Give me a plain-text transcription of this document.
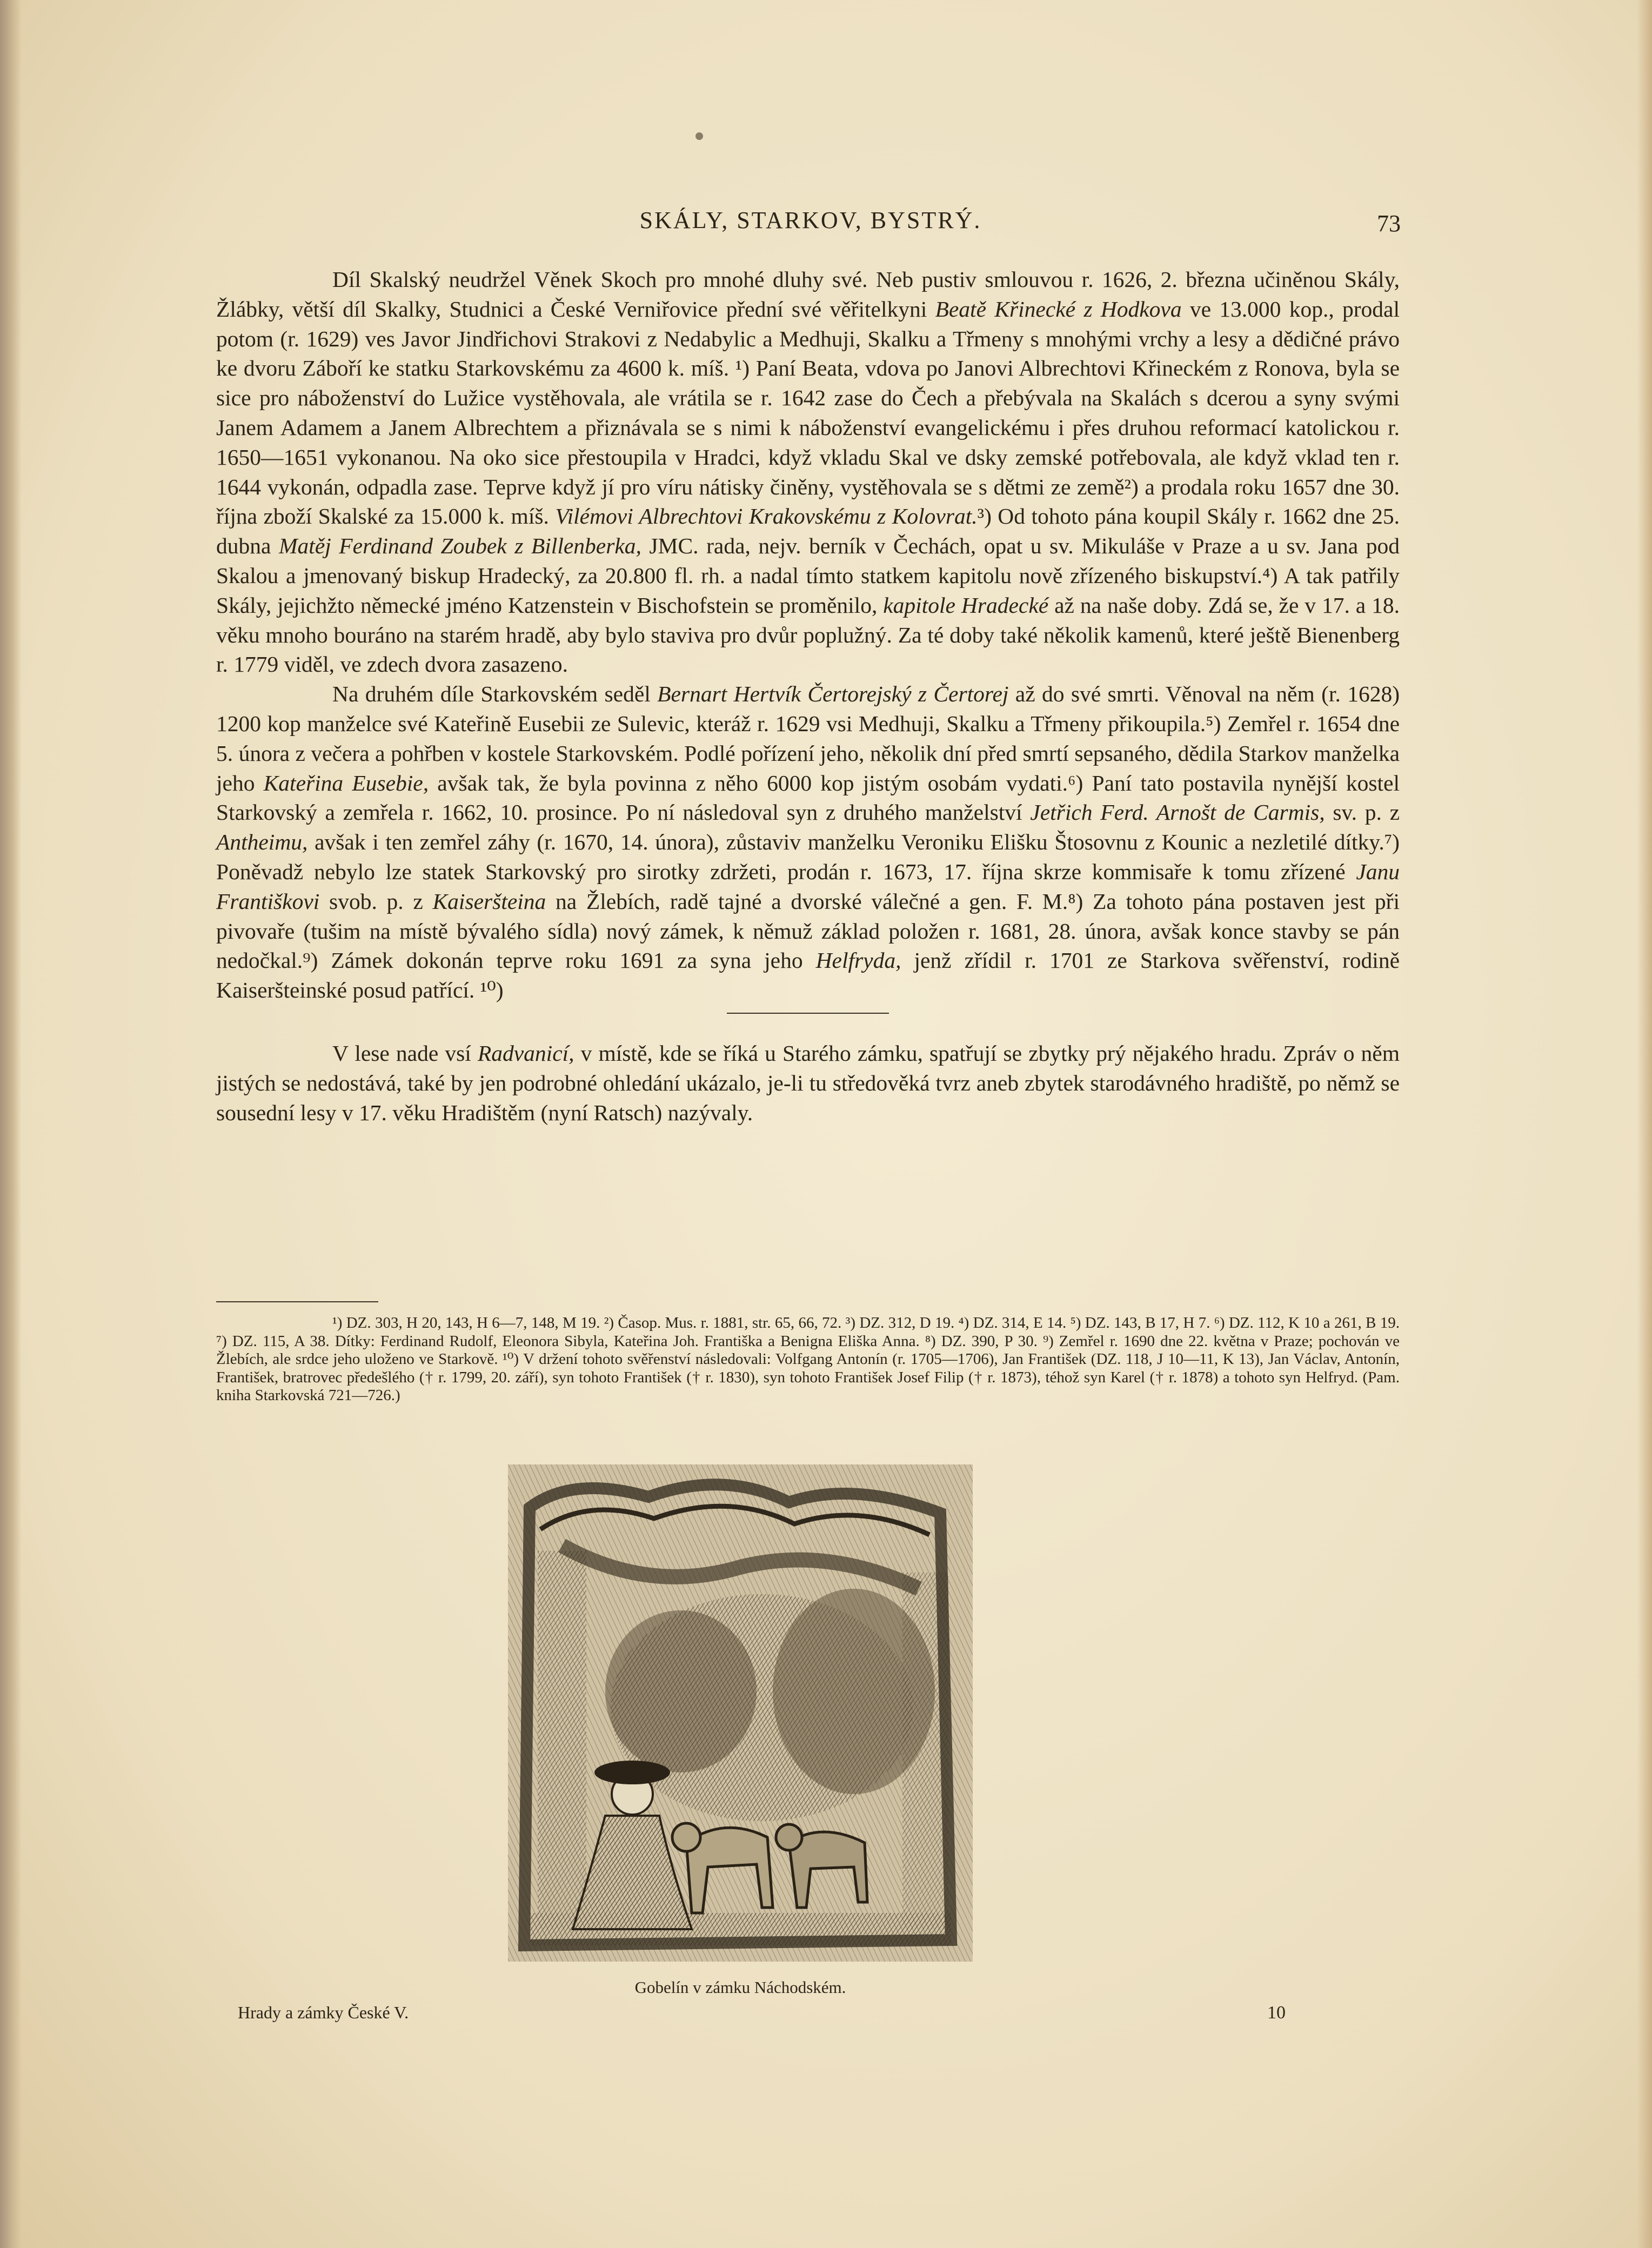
SKÁLY, STARKOV, BYSTRÝ.	73

Díl Skalský neudržel Věnek Skoch pro mnohé dluhy své. Neb pustiv smlouvou r. 1626, 2. března učiněnou Skály, Žlábky, větší díl Skalky, Studnici a České Verniřovice přední své věřitelkyni Beatě Křinecké z Hodkova ve 13.000 kop., prodal potom (r. 1629) ves Javor Jindřichovi Strakovi z Nedabylic a Medhuji, Skalku a Třmeny s mnohými vrchy a lesy a dědičné právo ke dvoru Záboří ke statku Starkovskému za 4600 k. míš. ¹) Paní Beata, vdova po Janovi Albrechtovi Křineckém z Ronova, byla se sice pro náboženství do Lužice vystěhovala, ale vrátila se r. 1642 zase do Čech a přebývala na Skalách s dcerou a syny svými Janem Adamem a Janem Albrechtem a přiznávala se s nimi k náboženství evangelickému i přes druhou reformací katolickou r. 1650—1651 vykonanou. Na oko sice přestoupila v Hradci, když vkladu Skal ve dsky zemské potřebovala, ale když vklad ten r. 1644 vykonán, odpadla zase. Teprve když jí pro víru nátisky činěny, vystěhovala se s dětmi ze země²) a prodala roku 1657 dne 30. října zboží Skalské za 15.000 k. míš. Vilémovi Albrechtovi Krakovskému z Kolovrat.³) Od tohoto pána koupil Skály r. 1662 dne 25. dubna Matěj Ferdinand Zoubek z Billenberka, JMC. rada, nejv. berník v Čechách, opat u sv. Mikuláše v Praze a u sv. Jana pod Skalou a jmenovaný biskup Hradecký, za 20.800 fl. rh. a nadal tímto statkem kapitolu nově zřízeného biskupství.⁴) A tak patřily Skály, jejichžto německé jméno Katzenstein v Bischofstein se proměnilo, kapitole Hradecké až na naše doby. Zdá se, že v 17. a 18. věku mnoho bouráno na starém hradě, aby bylo staviva pro dvůr poplužný. Za té doby také několik kamenů, které ještě Bienenberg r. 1779 viděl, ve zdech dvora zasazeno.

Na druhém díle Starkovském seděl Bernart Hertvík Čertorejský z Čertorej až do své smrti. Věnoval na něm (r. 1628) 1200 kop manželce své Kateřině Eusebii ze Sulevic, kteráž r. 1629 vsi Medhuji, Skalku a Třmeny přikoupila.⁵) Zemřel r. 1654 dne 5. února z večera a pohřben v kostele Starkovském. Podlé pořízení jeho, několik dní před smrtí sepsaného, dědila Starkov manželka jeho Kateřina Eusebie, avšak tak, že byla povinna z něho 6000 kop jistým osobám vydati.⁶) Paní tato postavila nynější kostel Starkovský a zemřela r. 1662, 10. prosince. Po ní následoval syn z druhého manželství Jetřich Ferd. Arnošt de Carmis, sv. p. z Antheimu, avšak i ten zemřel záhy (r. 1670, 14. února), zůstaviv manželku Veroniku Elišku Štosovnu z Kounic a nezletilé dítky.⁷) Poněvadž nebylo lze statek Starkovský pro sirotky zdržeti, prodán r. 1673, 17. října skrze kommisaře k tomu zřízené Janu Františkovi svob. p. z Kaiseršteina na Žlebích, radě tajné a dvorské válečné a gen. F. M.⁸) Za tohoto pána postaven jest při pivovaře (tušim na místě bývalého sídla) nový zámek, k němuž základ položen r. 1681, 28. února, avšak konce stavby se pán nedočkal.⁹) Zámek dokonán teprve roku 1691 za syna jeho Helfryda, jenž zřídil r. 1701 ze Starkova svěřenství, rodině Kaiseršteinské posud patřící. ¹⁰)

V lese nade vsí Radvanicí, v místě, kde se říká u Starého zámku, spatřují se zbytky prý nějakého hradu. Zpráv o něm jistých se nedostává, také by jen podrobné ohledání ukázalo, je-li tu středověká tvrz aneb zbytek starodávného hradiště, po němž se sousední lesy v 17. věku Hradištěm (nyní Ratsch) nazývaly.

¹) DZ. 303, H 20, 143, H 6—7, 148, M 19. ²) Časop. Mus. r. 1881, str. 65, 66, 72. ³) DZ. 312, D 19. ⁴) DZ. 314, E 14. ⁵) DZ. 143, B 17, H 7. ⁶) DZ. 112, K 10 a 261, B 19. ⁷) DZ. 115, A 38. Dítky: Ferdinand Rudolf, Eleonora Sibyla, Kateřina Joh. Františka a Benigna Eliška Anna. ⁸) DZ. 390, P 30. ⁹) Zemřel r. 1690 dne 22. května v Praze; pochován ve Žlebích, ale srdce jeho uloženo ve Starkově. ¹⁰) V držení tohoto svěřenství následovali: Volfgang Antonín (r. 1705—1706), Jan František (DZ. 118, J 10—11, K 13), Jan Václav, Antonín, František, bratrovec předešlého († r. 1799, 20. září), syn tohoto František († r. 1830), syn tohoto František Josef Filip († r. 1873), téhož syn Karel († r. 1878) a tohoto syn Helfryd. (Pam. kniha Starkovská 721—726.)

Gobelín v zámku Náchodském.
Hrady a zámky České V.	10
